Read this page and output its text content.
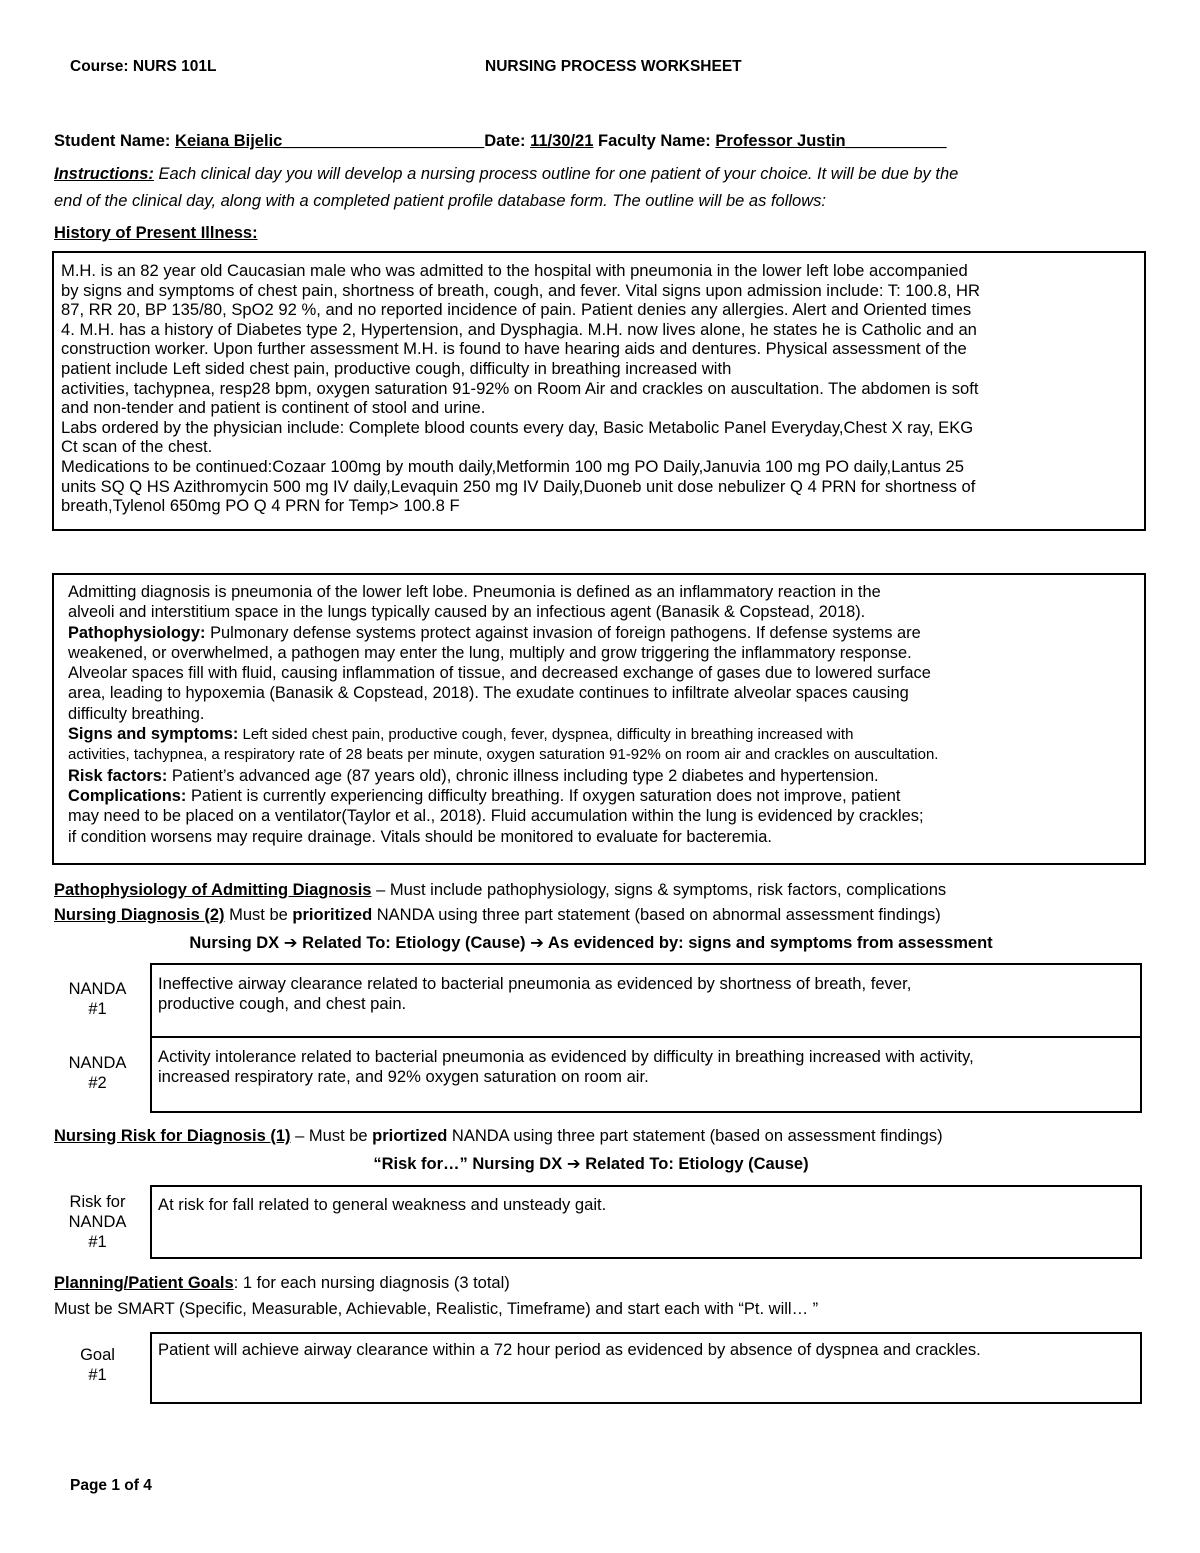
Course: NURS 101L	NURSING PROCESS WORKSHEET
Student Name: Keiana Bijelic______________________Date: 11/30/21 Faculty Name: Professor Justin___________
Instructions: Each clinical day you will develop a nursing process outline for one patient of your choice. It will be due by the
end of the clinical day, along with a completed patient profile database form. The outline will be as follows:
History of Present Illness:
M.H. is an 82 year old Caucasian male who was admitted to the hospital with pneumonia in the lower left lobe accompanied
by signs and symptoms of chest pain, shortness of breath, cough, and fever. Vital signs upon admission include: T: 100.8, HR
87, RR 20, BP 135/80, SpO2 92 %, and no reported incidence of pain. Patient denies any allergies. Alert and Oriented times
4. M.H. has a history of Diabetes type 2, Hypertension, and Dysphagia. M.H. now lives alone, he states he is Catholic and an
construction worker. Upon further assessment M.H. is found to have hearing aids and dentures. Physical assessment of the
patient include Left sided chest pain, productive cough, difficulty in breathing increased with
activities, tachypnea, resp28 bpm, oxygen saturation 91-92% on Room Air and crackles on auscultation. The abdomen is soft
and non-tender and patient is continent of stool and urine.
Labs ordered by the physician include: Complete blood counts every day, Basic Metabolic Panel Everyday,Chest X ray, EKG
Ct scan of the chest.
Medications to be continued:Cozaar 100mg by mouth daily,Metformin 100 mg PO Daily,Januvia 100 mg PO daily,Lantus 25
units SQ Q HS Azithromycin 500 mg IV daily,Levaquin 250 mg IV Daily,Duoneb unit dose nebulizer Q 4 PRN for shortness of
breath,Tylenol 650mg PO Q 4 PRN for Temp> 100.8 F
Admitting diagnosis is pneumonia of the lower left lobe. Pneumonia is defined as an inflammatory reaction in the
alveoli and interstitium space in the lungs typically caused by an infectious agent (Banasik & Copstead, 2018).
Pathophysiology: Pulmonary defense systems protect against invasion of foreign pathogens. If defense systems are
weakened, or overwhelmed, a pathogen may enter the lung, multiply and grow triggering the inflammatory response.
Alveolar spaces fill with fluid, causing inflammation of tissue, and decreased exchange of gases due to lowered surface
area, leading to hypoxemia (Banasik & Copstead, 2018). The exudate continues to infiltrate alveolar spaces causing
difficulty breathing.
Signs and symptoms: Left sided chest pain, productive cough, fever, dyspnea, difficulty in breathing increased with
activities, tachypnea, a respiratory rate of 28 beats per minute, oxygen saturation 91-92% on room air and crackles on auscultation.
Risk factors: Patient’s advanced age (87 years old), chronic illness including type 2 diabetes and hypertension.
Complications: Patient is currently experiencing difficulty breathing. If oxygen saturation does not improve, patient
may need to be placed on a ventilator(Taylor et al., 2018). Fluid accumulation within the lung is evidenced by crackles;
if condition worsens may require drainage. Vitals should be monitored to evaluate for bacteremia.
Pathophysiology of Admitting Diagnosis – Must include pathophysiology, signs & symptoms, risk factors, complications
Nursing Diagnosis (2) Must be prioritized NANDA using three part statement (based on abnormal assessment findings)
Nursing DX ➔ Related To: Etiology (Cause) ➔ As evidenced by: signs and symptoms from assessment
NANDA #1
Ineffective airway clearance related to bacterial pneumonia as evidenced by shortness of breath, fever,
productive cough, and chest pain.
NANDA #2
Activity intolerance related to bacterial pneumonia as evidenced by difficulty in breathing increased with activity,
increased respiratory rate, and 92% oxygen saturation on room air.
Nursing Risk for Diagnosis (1) – Must be priortized NANDA using three part statement (based on assessment findings)
“Risk for…” Nursing DX ➔ Related To: Etiology (Cause)
Risk for
NANDA
#1
At risk for fall related to general weakness and unsteady gait.
Planning/Patient Goals: 1 for each nursing diagnosis (3 total)
Must be SMART (Specific, Measurable, Achievable, Realistic, Timeframe) and start each with “Pt. will… ”
Goal
#1
Patient will achieve airway clearance within a 72 hour period as evidenced by absence of dyspnea and crackles.
Page 1 of 4
